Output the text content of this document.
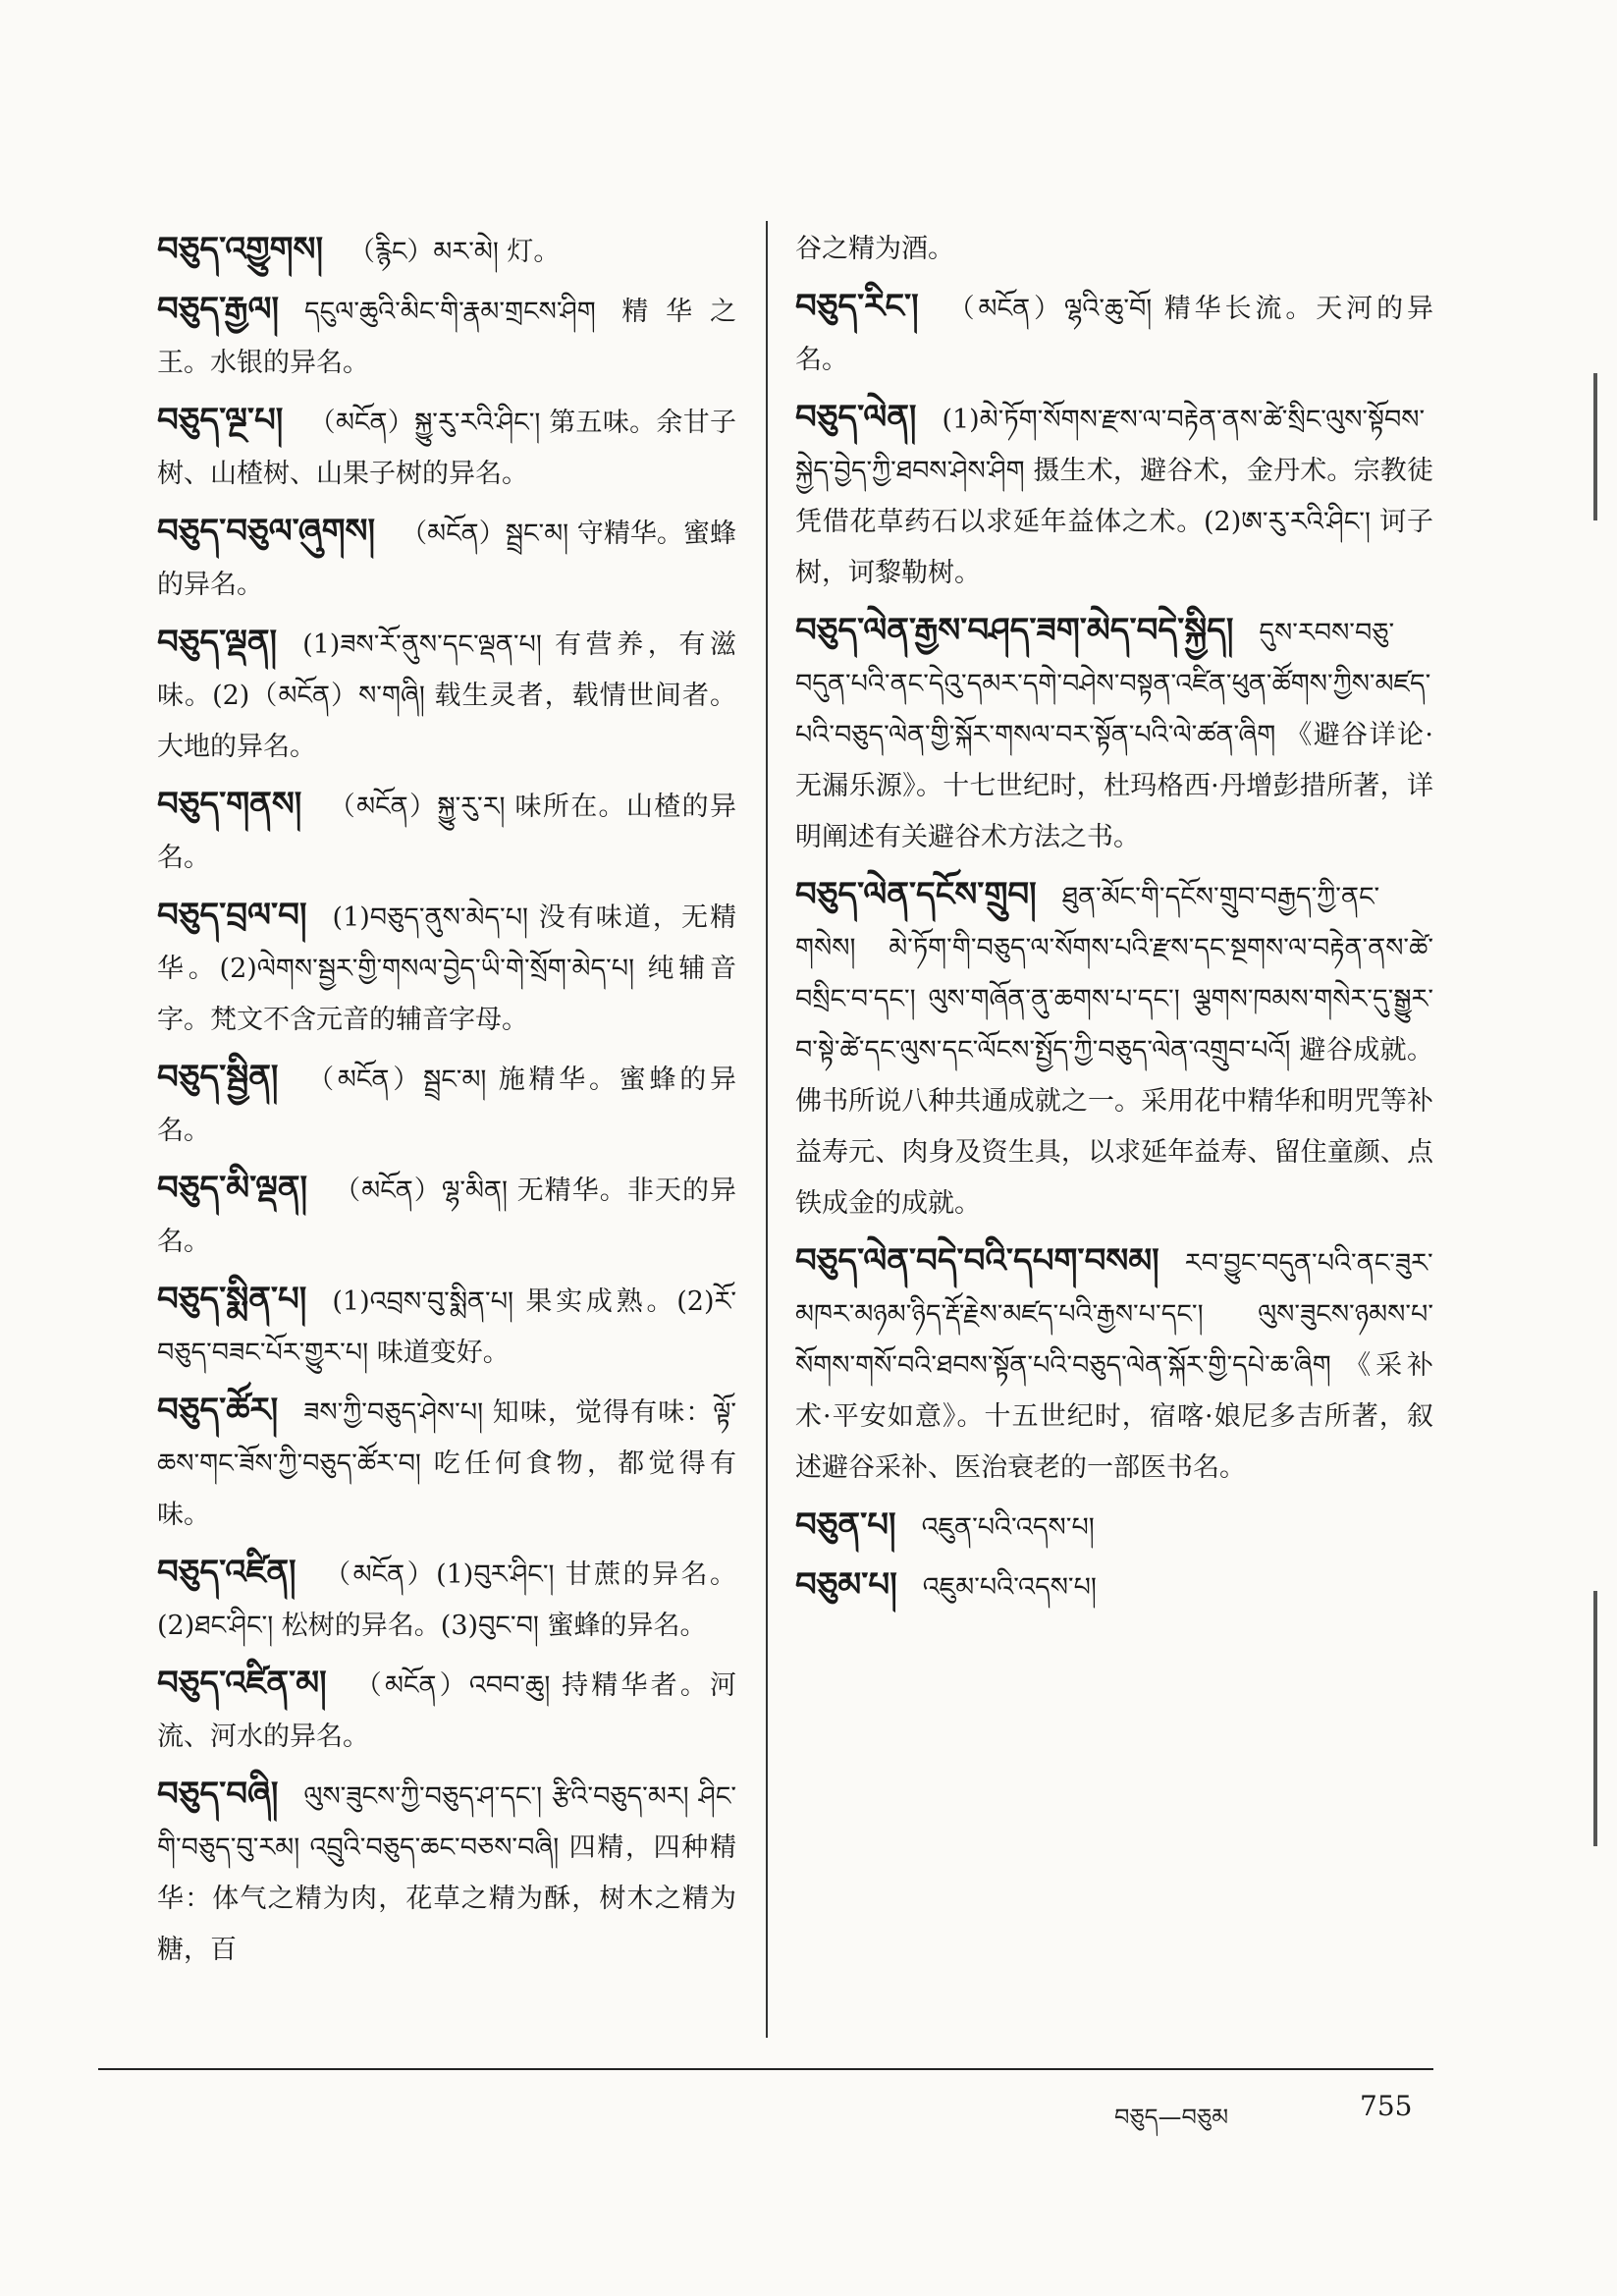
བཅུད་འགྱུགས། （རྙིང）མར་མེ། 灯。
བཅུད་རྒྱལ། དངུལ་ཆུའི་མིང་གི་རྣམ་གྲངས་ཤིག 精华之王。水银的异名。
བཅུད་ལྔ་པ། （མངོན）སྐྱུ་རུ་རའི་ཤིང་། 第五味。余甘子树、山楂树、山果子树的异名。
བཅུད་བཅུལ་ཞུགས། （མངོན）སྦྲང་མ། 守精华。蜜蜂的异名。
བཅུད་ལྡན། (1)ཟས་རོ་ནུས་དང་ལྡན་པ། 有营养，有滋味。(2)（མངོན）ས་གཞི། 载生灵者，载情世间者。大地的异名。
བཅུད་གནས། （མངོན）སྐྱུ་རུ་ར། 味所在。山楂的异名。
བཅུད་བྲལ་བ། (1)བཅུད་ནུས་མེད་པ། 没有味道，无精华。(2)ལེགས་སྦྱར་གྱི་གསལ་བྱེད་ཡི་གེ་སྲོག་མེད་པ། 纯辅音字。梵文不含元音的辅音字母。
བཅུད་སྦྱིན། （མངོན）སྦྲང་མ། 施精华。蜜蜂的异名。
བཅུད་མི་ལྡན། （མངོན）ལྷ་མིན། 无精华。非天的异名。
བཅུད་སྨིན་པ། (1)འབྲས་བུ་སྨིན་པ། 果实成熟。(2)རོ་བཅུད་བཟང་པོར་གྱུར་པ། 味道变好。
བཅུད་ཚོར། ཟས་ཀྱི་བཅུད་ཤེས་པ། 知味，觉得有味：ལྟོ་ཆས་གང་ཟོས་ཀྱི་བཅུད་ཚོར་བ། 吃任何食物，都觉得有味。
བཅུད་འཛིན། （མངོན）(1)བུར་ཤིང་། 甘蔗的异名。(2)ཐང་ཤིང་། 松树的异名。(3)བུང་བ། 蜜蜂的异名。
བཅུད་འཛིན་མ། （མངོན）འབབ་ཆུ། 持精华者。河流、河水的异名。
བཅུད་བཞི། ལུས་ཟུངས་ཀྱི་བཅུད་ཤ་དང་། རྩིའི་བཅུད་མར། ཤིང་གི་བཅུད་བུ་རམ། འབྲུའི་བཅུད་ཆང་བཅས་བཞི། 四精，四种精华：体气之精为肉，花草之精为酥，树木之精为糖，百
谷之精为酒。
བཅུད་རིང་། （མངོན）ལྷའི་ཆུ་བོ། 精华长流。天河的异名。
བཅུད་ལེན། (1)མེ་ཏོག་སོགས་རྫས་ལ་བརྟེན་ནས་ཚེ་སྲིང་ལུས་སྟོབས་སྐྱེད་བྱེད་ཀྱི་ཐབས་ཤེས་ཤིག 摄生术，避谷术，金丹术。宗教徒凭借花草药石以求延年益体之术。(2)ཨ་རུ་རའི་ཤིང་། 诃子树，诃黎勒树。
བཅུད་ལེན་རྒྱས་བཤད་ཟག་མེད་བདེ་སྐྱིད། དུས་རབས་བཅུ་བདུན་པའི་ནང་དེའུ་དམར་དགེ་བཤེས་བསྟན་འཛིན་ཕུན་ཚོགས་ཀྱིས་མཛད་པའི་བཅུད་ལེན་གྱི་སྐོར་གསལ་བར་སྟོན་པའི་ལེ་ཚན་ཞིག 《避谷详论·无漏乐源》。十七世纪时，杜玛格西·丹增彭措所著，详明阐述有关避谷术方法之书。
བཅུད་ལེན་དངོས་གྲུབ། ཐུན་མོང་གི་དངོས་གྲུབ་བརྒྱད་ཀྱི་ནང་གསེས། མེ་ཏོག་གི་བཅུད་ལ་སོགས་པའི་རྫས་དང་སྔགས་ལ་བརྟེན་ནས་ཚེ་བསྲིང་བ་དང་། ལུས་གཞོན་ནུ་ཆགས་པ་དང་། ལྕགས་ཁམས་གསེར་དུ་སྒྱུར་བ་སྟེ་ཚེ་དང་ལུས་དང་ལོངས་སྤྱོད་ཀྱི་བཅུད་ལེན་འགྲུབ་པའོ། 避谷成就。佛书所说八种共通成就之一。采用花中精华和明咒等补益寿元、肉身及资生具，以求延年益寿、留住童颜、点铁成金的成就。
བཅུད་ལེན་བདེ་བའི་དཔག་བསམ། རབ་བྱུང་བདུན་པའི་ནང་ཟུར་མཁར་མཉམ་ཉིད་རྡོ་རྗེས་མཛད་པའི་རྒྱས་པ་དང་། ལུས་ཟུངས་ཉམས་པ་སོགས་གསོ་བའི་ཐབས་སྟོན་པའི་བཅུད་ལེན་སྐོར་གྱི་དཔེ་ཆ་ཞིག 《采补术·平安如意》。十五世纪时，宿喀·娘尼多吉所著，叙述避谷采补、医治衰老的一部医书名。
བཅུན་པ། འཇུན་པའི་འདས་པ།
བཅུམ་པ། འཇུམ་པའི་འདས་པ།
བཅུད—བཅུམ	755
